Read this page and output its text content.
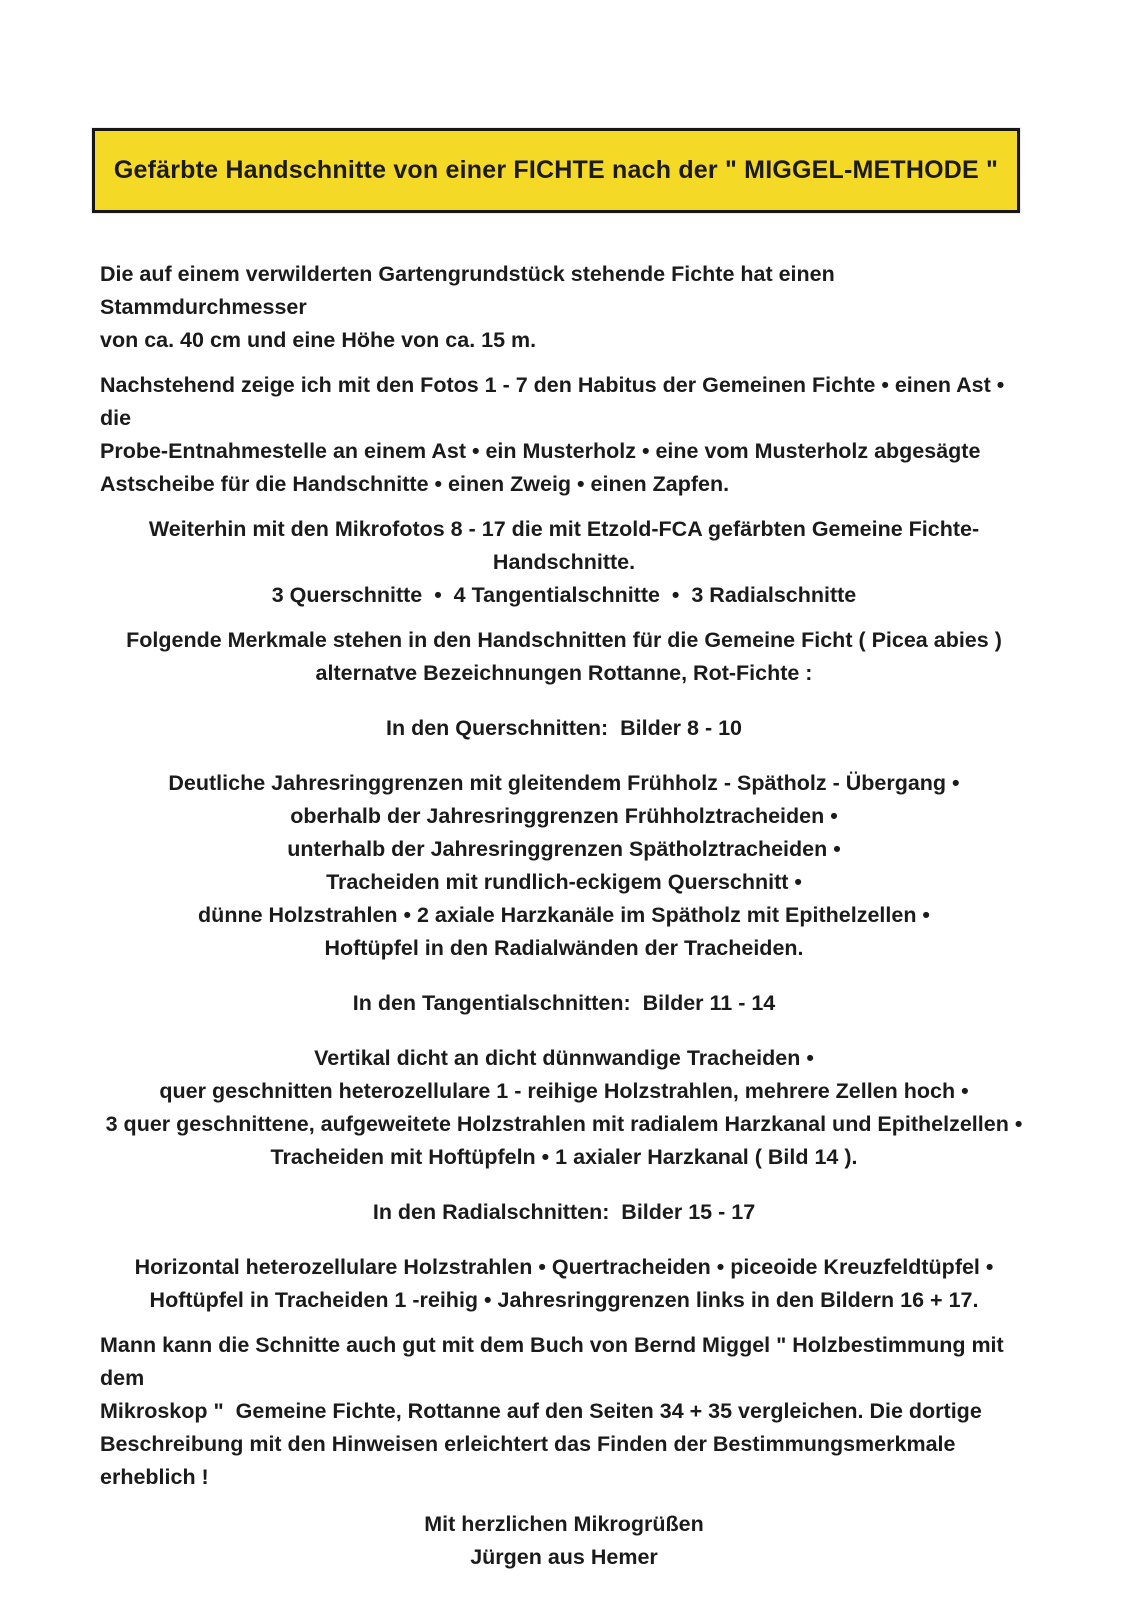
Gefärbte Handschnitte von einer FICHTE nach der " MIGGEL-METHODE "
Die auf einem verwilderten Gartengrundstück stehende Fichte hat einen Stammdurchmesser
von ca. 40 cm und eine Höhe von ca. 15 m.
Nachstehend zeige ich mit den Fotos 1 - 7 den Habitus der Gemeinen Fichte • einen Ast • die
Probe-Entnahmestelle an einem Ast • ein Musterholz • eine vom Musterholz abgesägte
Astscheibe für die Handschnitte • einen Zweig • einen Zapfen.
Weiterhin mit den Mikrofotos 8 - 17 die mit Etzold-FCA gefärbten Gemeine Fichte-Handschnitte.
3 Querschnitte  •  4 Tangentialschnitte  •  3 Radialschnitte
Folgende Merkmale stehen in den Handschnitten für die Gemeine Ficht ( Picea abies )
alternatve Bezeichnungen Rottanne, Rot-Fichte :
In den Querschnitten:  Bilder 8 - 10
Deutliche Jahresringgrenzen mit gleitendem Frühholz - Spätholz - Übergang •
oberhalb der Jahresringgrenzen Frühholztracheiden •
unterhalb der Jahresringgrenzen Spätholztracheiden •
Tracheiden mit rundlich-eckigem Querschnitt •
dünne Holzstrahlen • 2 axiale Harzkanäle im Spätholz mit Epithelzellen •
Hoftüpfel in den Radialwänden der Tracheiden.
In den Tangentialschnitten:  Bilder 11 - 14
Vertikal dicht an dicht dünnwandige Tracheiden •
quer geschnitten heterozellulare 1 - reihige Holzstrahlen, mehrere Zellen hoch •
3 quer geschnittene, aufgeweitete Holzstrahlen mit radialem Harzkanal und Epithelzellen •
Tracheiden mit Hoftüpfeln • 1 axialer Harzkanal ( Bild 14 ).
In den Radialschnitten:  Bilder 15 - 17
Horizontal heterozellulare Holzstrahlen • Quertracheiden • piceoide Kreuzfeldtüpfel •
Hoftüpfel in Tracheiden 1 -reihig • Jahresringgrenzen links in den Bildern 16 + 17.
Mann kann die Schnitte auch gut mit dem Buch von Bernd Miggel " Holzbestimmung mit dem
Mikroskop "  Gemeine Fichte, Rottanne auf den Seiten 34 + 35 vergleichen. Die dortige
Beschreibung mit den Hinweisen erleichtert das Finden der Bestimmungsmerkmale erheblich !
Mit herzlichen Mikrogrüßen
Jürgen aus Hemer
